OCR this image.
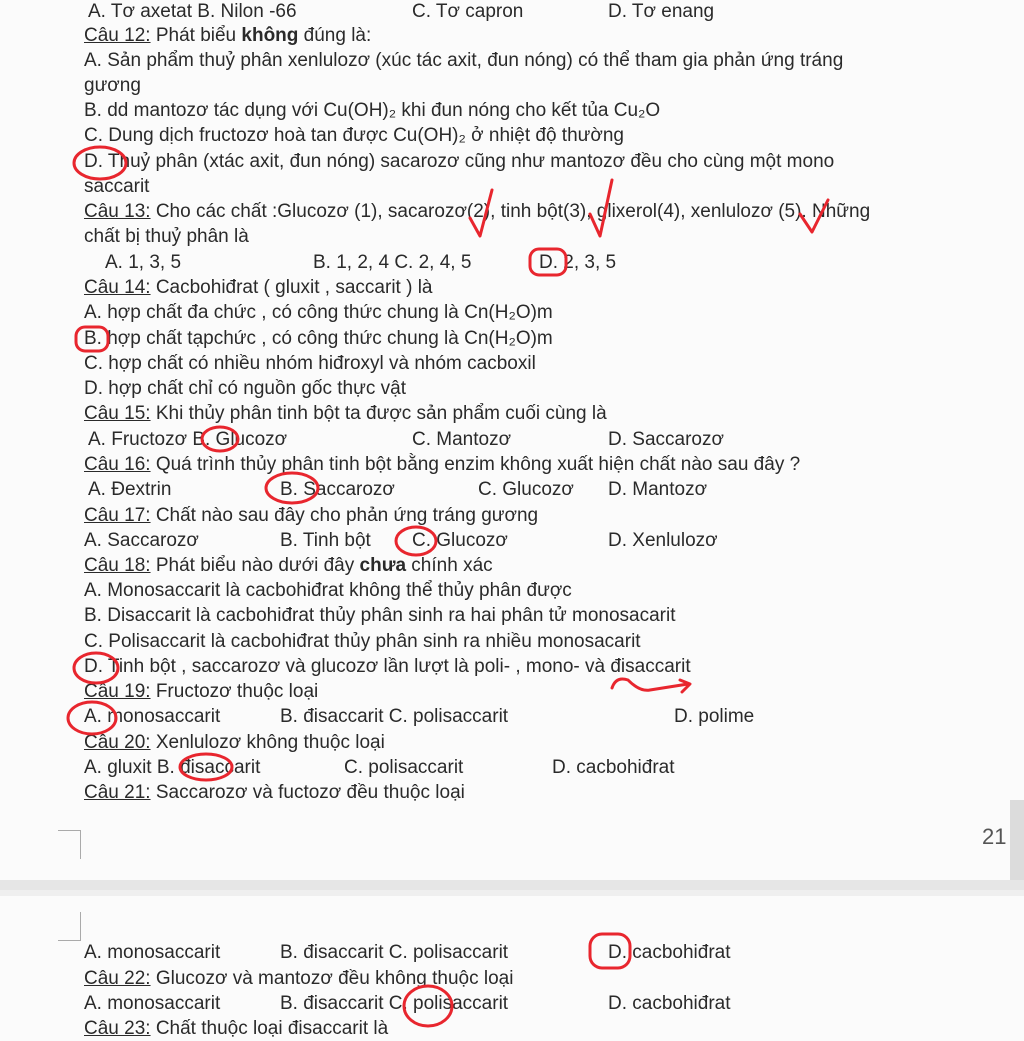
A. Tơ axetat B. Nilon -66	C. Tơ capron	D. Tơ enang
Câu 12: Phát biểu không đúng là:
A. Sản phẩm thuỷ phân xenlulozơ (xúc tác axit, đun nóng) có thể tham gia phản ứng tráng
gương
B. dd mantozơ tác dụng với Cu(OH)₂ khi đun nóng cho kết tủa Cu₂O
C. Dung dịch fructozơ hoà tan được Cu(OH)₂ ở nhiệt độ thường
D. Thuỷ phân (xtác axit, đun nóng) sacarozơ cũng như mantozơ đều cho cùng một mono
saccarit
Câu 13: Cho các chất :Glucozơ (1), sacarozơ(2), tinh bột(3), glixerol(4), xenlulozơ (5). Những
chất bị thuỷ phân là
A. 1, 3, 5	B. 1, 2, 4 C. 2, 4, 5	D. 2, 3, 5
Câu 14: Cacbohiđrat ( gluxit , saccarit ) là
A. hợp chất đa chức , có công thức chung là Cn(H₂O)m
B. hợp chất tạpchức , có công thức chung là Cn(H₂O)m
C. hợp chất có nhiều nhóm hiđroxyl và nhóm cacboxil
D. hợp chất chỉ có nguồn gốc thực vật
Câu 15: Khi thủy phân tinh bột ta được sản phẩm cuối cùng là
A. Fructozơ B. Glucozơ	C. Mantozơ	D. Saccarozơ
Câu 16: Quá trình thủy phân tinh bột bằng enzim không xuất hiện chất nào sau đây ?
A. Đextrin	B. Saccarozơ	C. Glucozơ D. Mantozơ
Câu 17: Chất nào sau đây cho phản ứng tráng gương
A. Saccarozơ	B. Tinh bột C. Glucozơ	D. Xenlulozơ
Câu 18: Phát biểu nào dưới đây chưa chính xác
A. Monosaccarit là cacbohiđrat không thể thủy phân được
B. Disaccarit là cacbohiđrat thủy phân sinh ra hai phân tử monosacarit
C. Polisaccarit là cacbohiđrat thủy phân sinh ra nhiều monosacarit
D. Tinh bột , saccarozơ và glucozơ lần lượt là poli- , mono- và đisaccarit
Câu 19: Fructozơ thuộc loại
A. monosaccarit	B. đisaccarit C. polisaccarit	D. polime
Câu 20: Xenlulozơ không thuộc loại
A. gluxit B. đisaccarit	C. polisaccarit	D. cacbohiđrat
Câu 21: Saccarozơ và fuctozơ đều thuộc loại
21
A. monosaccarit	B. đisaccarit C. polisaccarit	D. cacbohiđrat
Câu 22: Glucozơ và mantozơ đều không thuộc loại
A. monosaccarit	B. đisaccarit C. polisaccarit	D. cacbohiđrat
Câu 23: Chất thuộc loại đisaccarit là
